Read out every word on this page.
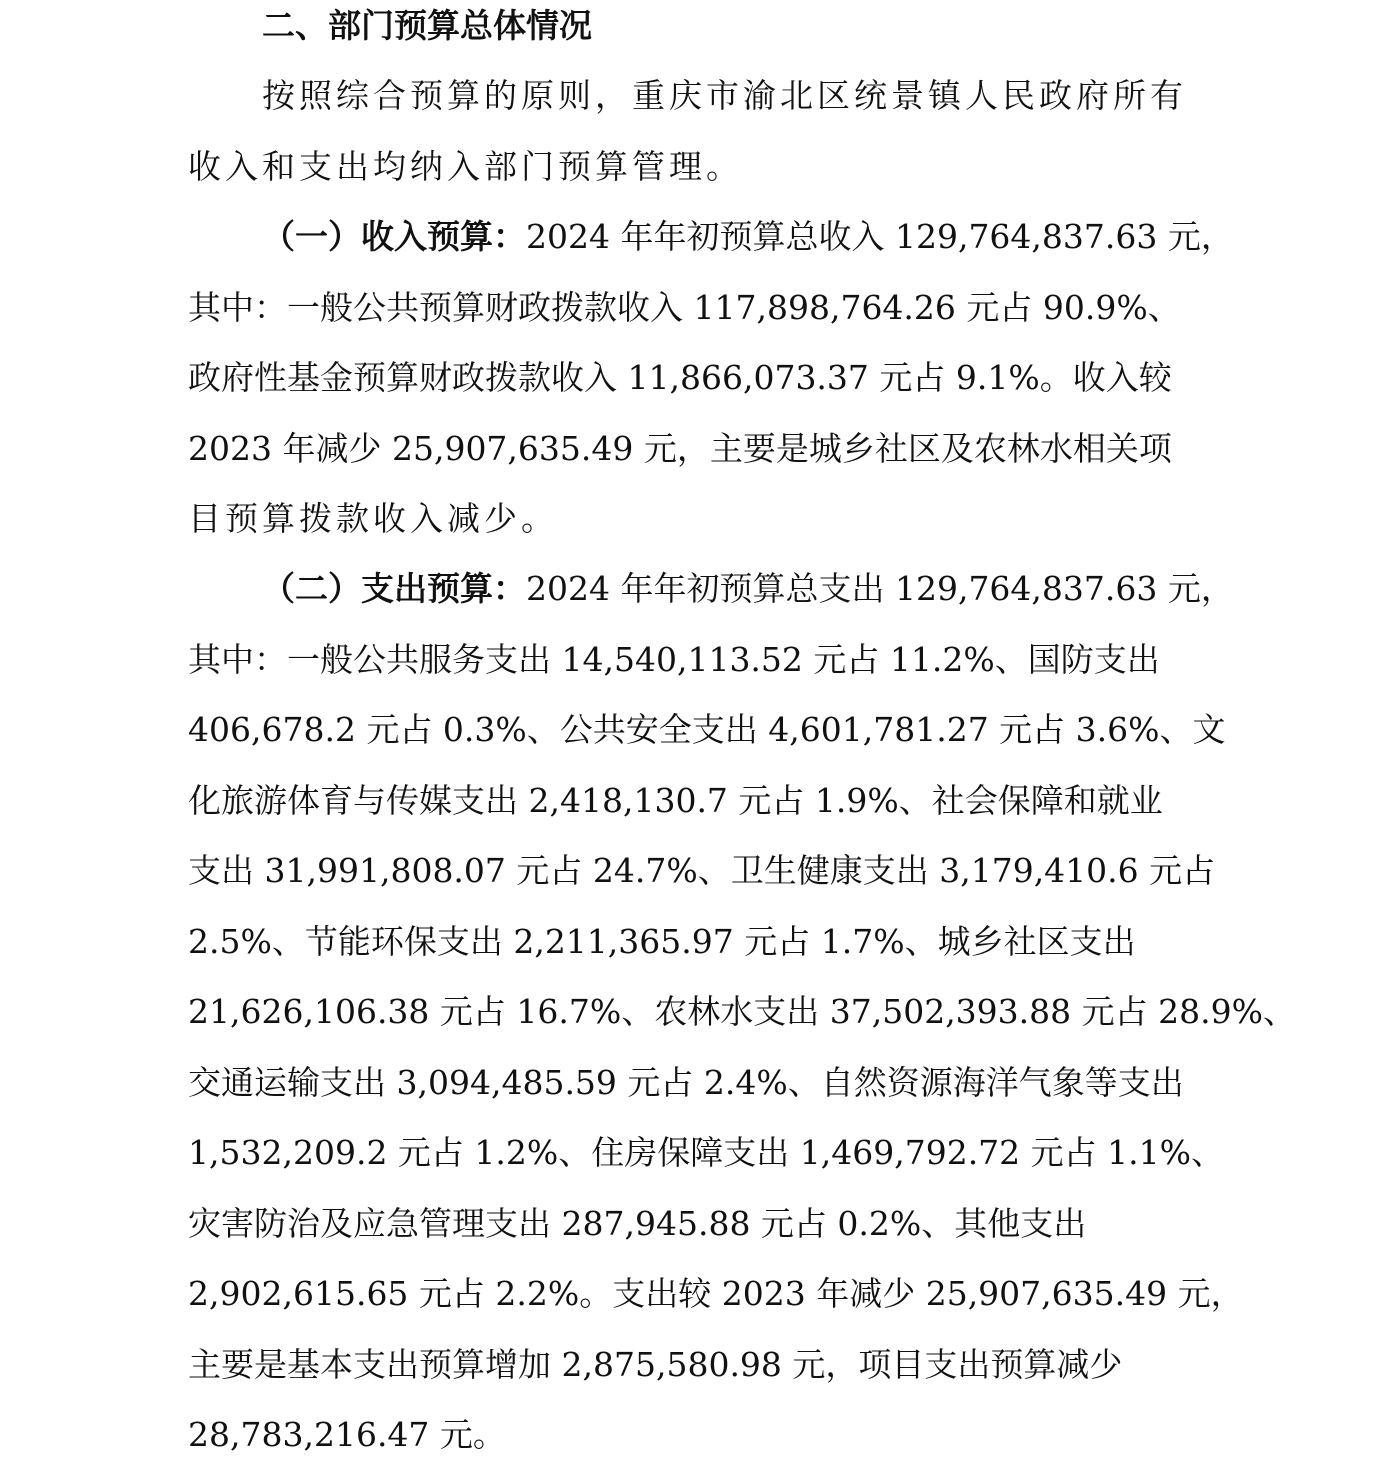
二、部门预算总体情况
按照综合预算的原则，重庆市渝北区统景镇人民政府所有
收入和支出均纳入部门预算管理。
（一）收入预算：2024 年年初预算总收入 129,764,837.63 元，
其中：一般公共预算财政拨款收入 117,898,764.26 元占 90.9%、
政府性基金预算财政拨款收入 11,866,073.37 元占 9.1%。收入较
2023 年减少 25,907,635.49 元，主要是城乡社区及农林水相关项
目预算拨款收入减少。
（二）支出预算：2024 年年初预算总支出 129,764,837.63 元，
其中：一般公共服务支出 14,540,113.52 元占 11.2%、国防支出
406,678.2 元占 0.3%、公共安全支出 4,601,781.27 元占 3.6%、文
化旅游体育与传媒支出 2,418,130.7 元占 1.9%、社会保障和就业
支出 31,991,808.07 元占 24.7%、卫生健康支出 3,179,410.6 元占
2.5%、节能环保支出 2,211,365.97 元占 1.7%、城乡社区支出
21,626,106.38 元占 16.7%、农林水支出 37,502,393.88 元占 28.9%、
交通运输支出 3,094,485.59 元占 2.4%、自然资源海洋气象等支出
1,532,209.2 元占 1.2%、住房保障支出 1,469,792.72 元占 1.1%、
灾害防治及应急管理支出 287,945.88 元占 0.2%、其他支出
2,902,615.65 元占 2.2%。支出较 2023 年减少 25,907,635.49 元，
主要是基本支出预算增加 2,875,580.98 元，项目支出预算减少
28,783,216.47 元。
